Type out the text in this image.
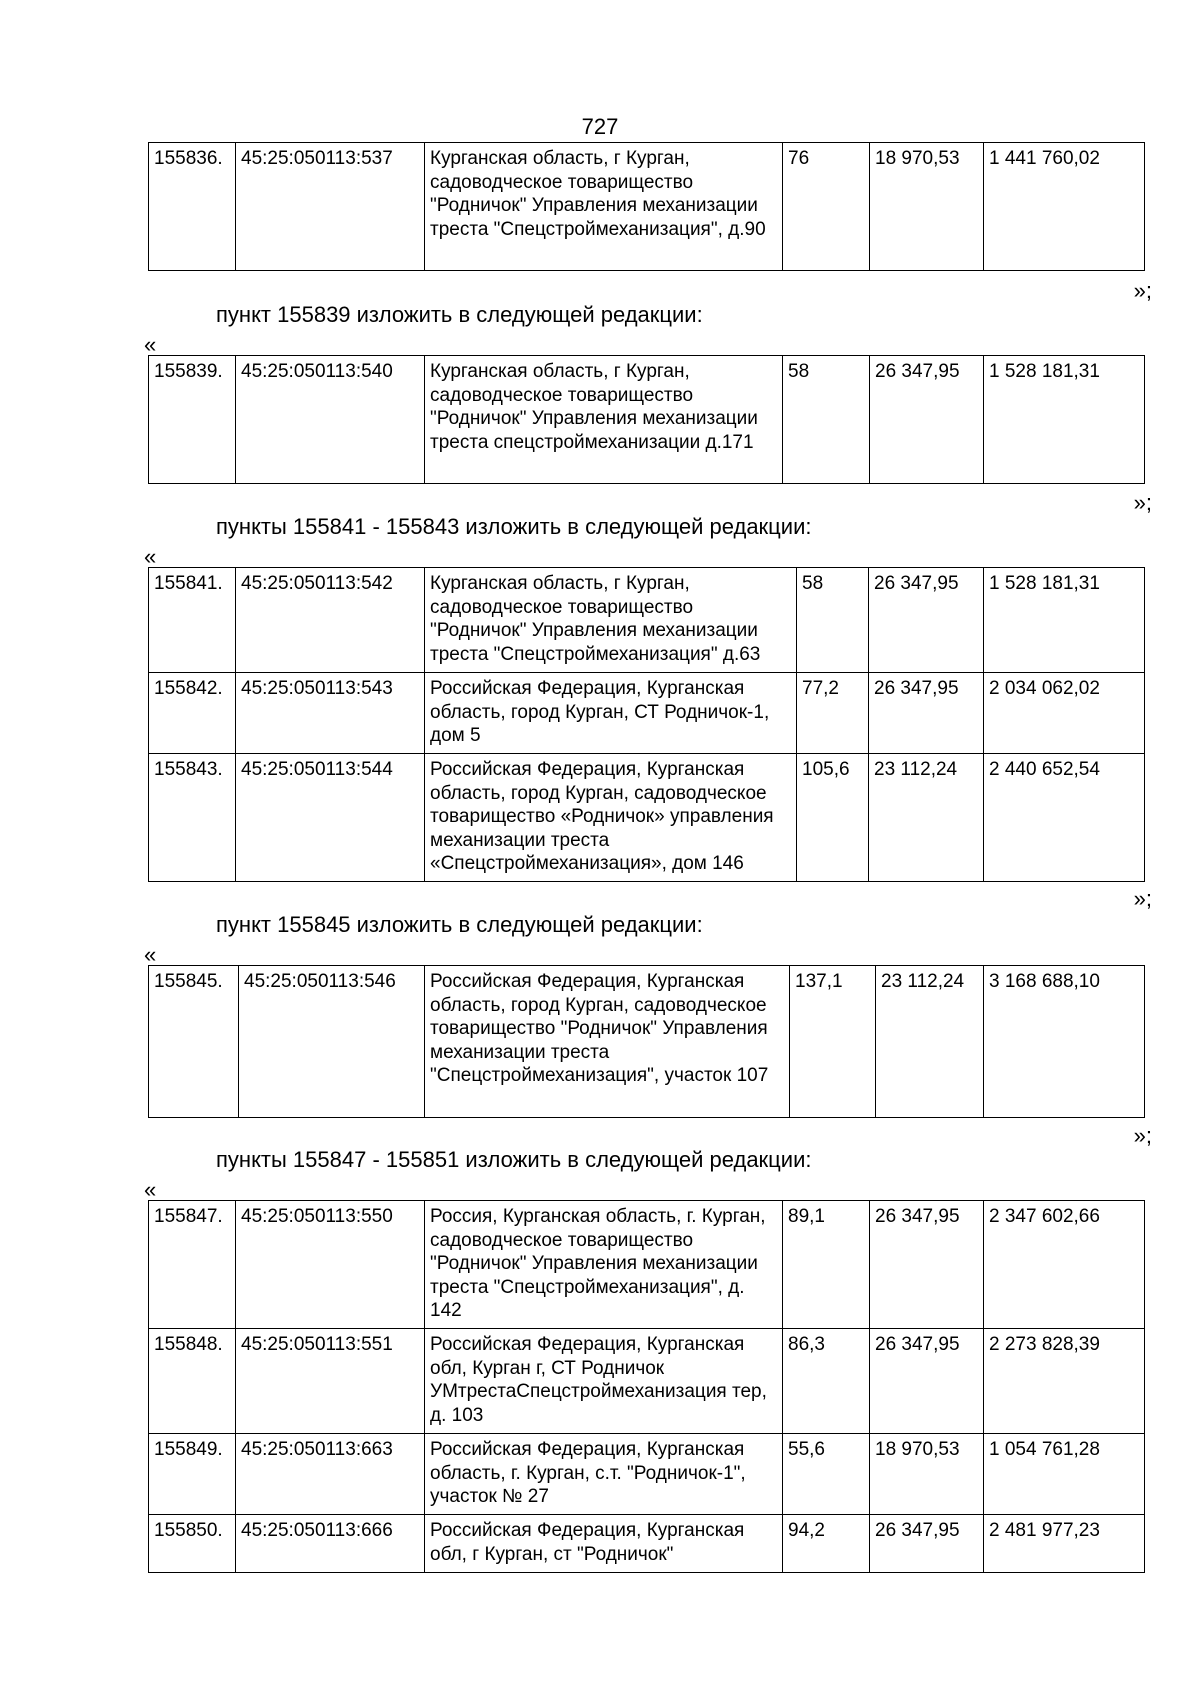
727
155836.	45:25:050113:537	Курганская область, г Курган, садоводческое товарищество "Родничок" Управления механизации треста "Спецстроймеханизация", д.90	76	18 970,53	1 441 760,02
»;
пункт 155839 изложить в следующей редакции:
«
155839.	45:25:050113:540	Курганская область, г Курган, садоводческое товарищество "Родничок" Управления механизации треста спецстроймеханизации д.171	58	26 347,95	1 528 181,31
»;
пункты 155841 - 155843 изложить в следующей редакции:
«
155841.	45:25:050113:542	Курганская область, г Курган, садоводческое товарищество "Родничок" Управления механизации треста "Спецстроймеханизация" д.63	58	26 347,95	1 528 181,31
155842.	45:25:050113:543	Российская Федерация, Курганская область, город Курган, СТ Родничок-1, дом 5	77,2	26 347,95	2 034 062,02
155843.	45:25:050113:544	Российская Федерация, Курганская область, город Курган, садоводческое товарищество «Родничок» управления механизации треста «Спецстроймеханизация», дом 146	105,6	23 112,24	2 440 652,54
»;
пункт 155845 изложить в следующей редакции:
«
155845.	45:25:050113:546	Российская Федерация, Курганская область, город Курган, садоводческое товарищество "Родничок" Управления механизации треста "Спецстроймеханизация", участок 107	137,1	23 112,24	3 168 688,10
»;
пункты 155847 - 155851 изложить в следующей редакции:
«
155847.	45:25:050113:550	Россия, Курганская область, г. Курган, садоводческое товарищество "Родничок" Управления механизации треста "Спецстроймеханизация", д. 142	89,1	26 347,95	2 347 602,66
155848.	45:25:050113:551	Российская Федерация, Курганская обл, Курган г, СТ Родничок УМтрестаСпецстроймеханизация тер, д. 103	86,3	26 347,95	2 273 828,39
155849.	45:25:050113:663	Российская Федерация, Курганская область, г. Курган, с.т. "Родничок-1", участок № 27	55,6	18 970,53	1 054 761,28
155850.	45:25:050113:666	Российская Федерация, Курганская обл, г Курган, ст "Родничок"	94,2	26 347,95	2 481 977,23
